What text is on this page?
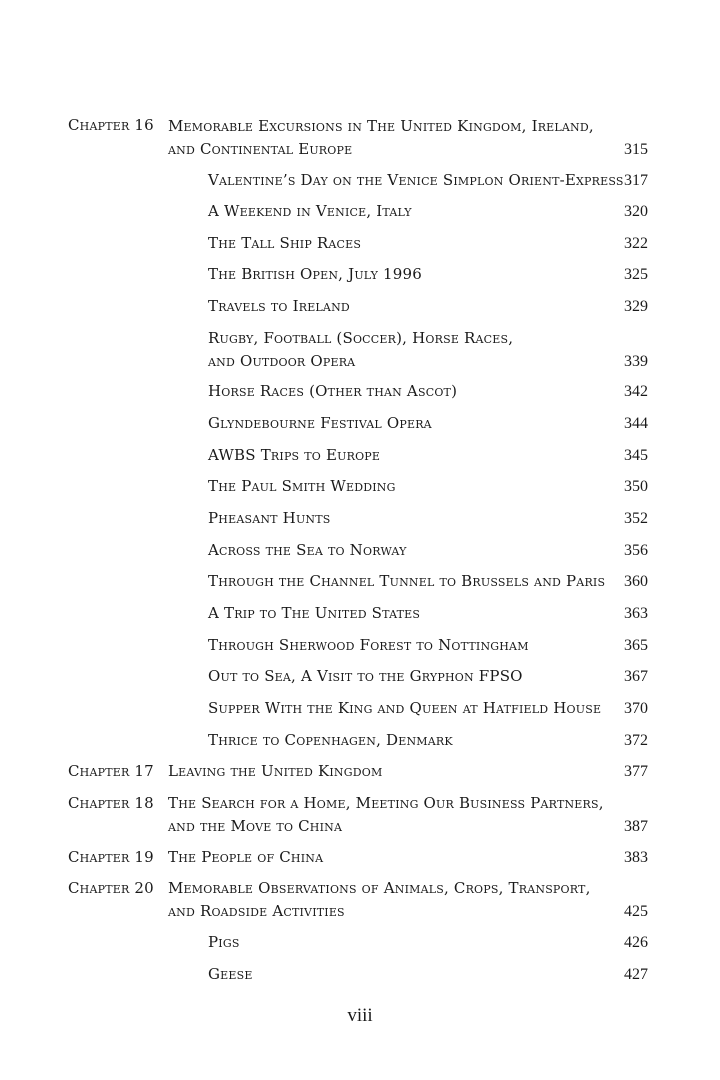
Chapter 16 Memorable Excursions in The United Kingdom, Ireland,
and Continental Europe	315
Valentine’s Day on the Venice Simplon Orient-Express 317
A Weekend in Venice, Italy	320
The Tall Ship Races	322
The British Open, July 1996	325
Travels to Ireland	329
Rugby, Football (Soccer), Horse Races,
and Outdoor Opera	339
Horse Races (Other than Ascot)	342
Glyndebourne Festival Opera	344
AWBS Trips to Europe	345
The Paul Smith Wedding	350
Pheasant Hunts	352
Across the Sea to Norway	356
Through the Channel Tunnel to Brussels and Paris 360
A Trip to The United States	363
Through Sherwood Forest to Nottingham	365
Out to Sea, A Visit to the Gryphon FPSO	367
Supper With the King and Queen at Hatfield House 370
Thrice to Copenhagen, Denmark	372
Chapter 17 Leaving the United Kingdom	377
Chapter 18 The Search for a Home, Meeting Our Business Partners,
and the Move to China	387
Chapter 19 The People of China	383
Chapter 20 Memorable Observations of Animals, Crops, Transport,
and Roadside Activities	425
Pigs	426
Geese	427
viii
